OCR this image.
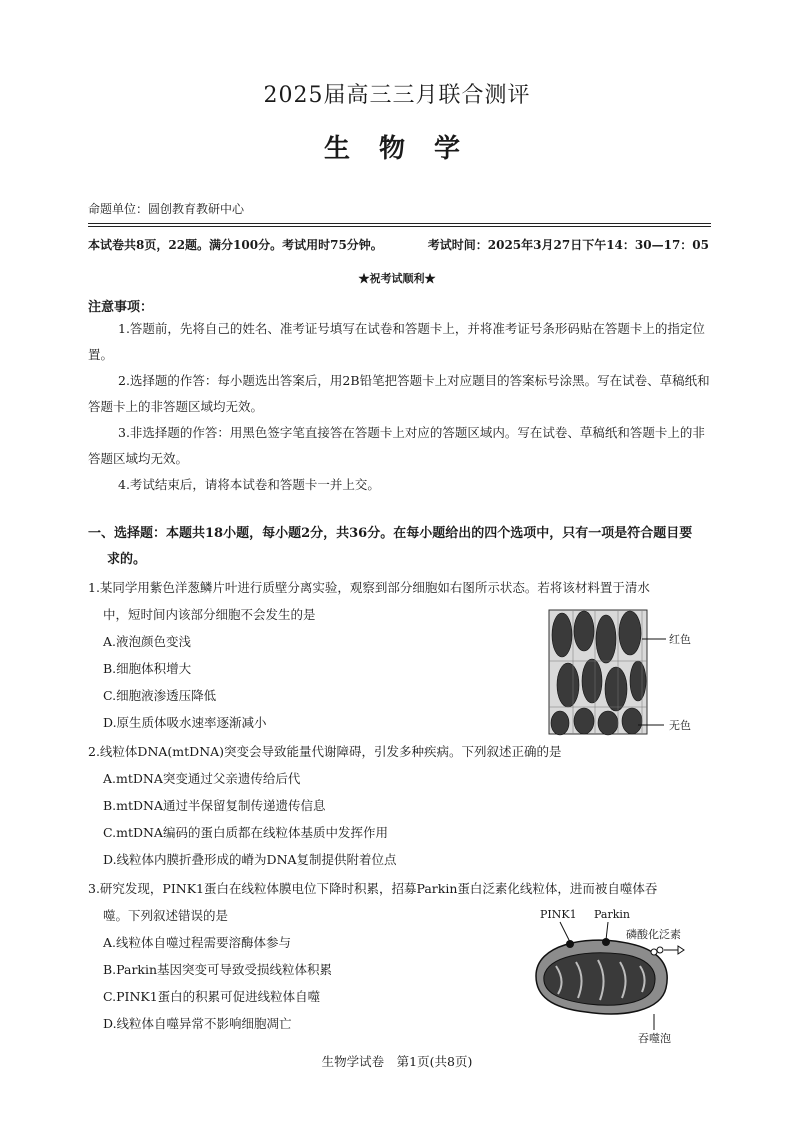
2025届高三三月联合测评
生 物 学
命题单位：圆创教育教研中心
本试卷共8页，22题。满分100分。考试用时75分钟。	考试时间：2025年3月27日下午14：30—17：05
★祝考试顺利★
注意事项：

1.答题前，先将自己的姓名、准考证号填写在试卷和答题卡上，并将准考证号条形码贴在答题卡上的指定位置。

2.选择题的作答：每小题选出答案后，用2B铅笔把答题卡上对应题目的答案标号涂黑。写在试卷、草稿纸和答题卡上的非答题区域均无效。

3.非选择题的作答：用黑色签字笔直接答在答题卡上对应的答题区域内。写在试卷、草稿纸和答题卡上的非答题区域均无效。

4.考试结束后，请将本试卷和答题卡一并上交。

一、选择题：本题共18小题，每小题2分，共36分。在每小题给出的四个选项中，只有一项是符合题目要
求的。

1.某同学用紫色洋葱鳞片叶进行质壁分离实验，观察到部分细胞如右图所示状态。若将该材料置于清水

中，短时间内该部分细胞不会发生的是

A.液泡颜色变浅

B.细胞体积增大

C.细胞液渗透压降低

D.原生质体吸水速率逐渐减小

红色
无色

2.线粒体DNA(mtDNA)突变会导致能量代谢障碍，引发多种疾病。下列叙述正确的是

A.mtDNA突变通过父亲遗传给后代

B.mtDNA通过半保留复制传递遗传信息

C.mtDNA编码的蛋白质都在线粒体基质中发挥作用

D.线粒体内膜折叠形成的嵴为DNA复制提供附着位点

3.研究发现，PINK1蛋白在线粒体膜电位下降时积累，招募Parkin蛋白泛素化线粒体，进而被自噬体吞

噬。下列叙述错误的是

A.线粒体自噬过程需要溶酶体参与

B.Parkin基因突变可导致受损线粒体积累

C.PINK1蛋白的积累可促进线粒体自噬

D.线粒体自噬异常不影响细胞凋亡

PINK1 Parkin
磷酸化泛素
吞噬泡
生物学试卷　第1页(共8页)
